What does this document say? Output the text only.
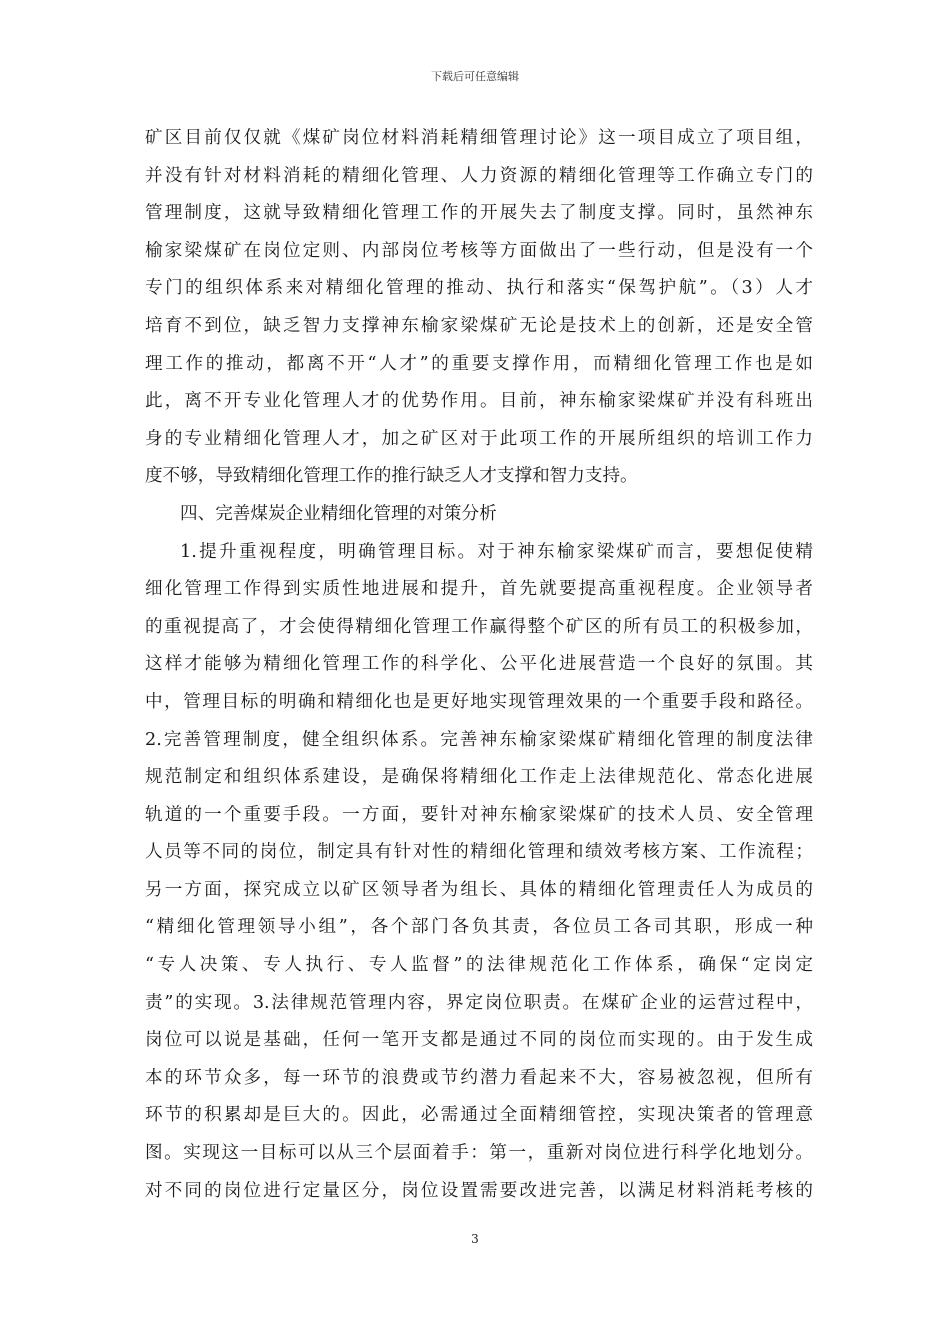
下载后可任意编辑
矿区目前仅仅就《煤矿岗位材料消耗精细管理讨论》这一项目成立了项目组，
并没有针对材料消耗的精细化管理、人力资源的精细化管理等工作确立专门的
管理制度，这就导致精细化管理工作的开展失去了制度支撑。同时，虽然神东
榆家梁煤矿在岗位定则、内部岗位考核等方面做出了一些行动，但是没有一个
专门的组织体系来对精细化管理的推动、执行和落实“保驾护航”。（3）人才
培育不到位，缺乏智力支撑神东榆家梁煤矿无论是技术上的创新，还是安全管
理工作的推动，都离不开“人才”的重要支撑作用，而精细化管理工作也是如
此，离不开专业化管理人才的优势作用。目前，神东榆家梁煤矿并没有科班出
身的专业精细化管理人才，加之矿区对于此项工作的开展所组织的培训工作力
度不够，导致精细化管理工作的推行缺乏人才支撑和智力支持。
四、完善煤炭企业精细化管理的对策分析
1.提升重视程度，明确管理目标。对于神东榆家梁煤矿而言，要想促使精
细化管理工作得到实质性地进展和提升，首先就要提高重视程度。企业领导者
的重视提高了，才会使得精细化管理工作赢得整个矿区的所有员工的积极参加，
这样才能够为精细化管理工作的科学化、公平化进展营造一个良好的氛围。其
中，管理目标的明确和精细化也是更好地实现管理效果的一个重要手段和路径。
2.完善管理制度，健全组织体系。完善神东榆家梁煤矿精细化管理的制度法律
规范制定和组织体系建设，是确保将精细化工作走上法律规范化、常态化进展
轨道的一个重要手段。一方面，要针对神东榆家梁煤矿的技术人员、安全管理
人员等不同的岗位，制定具有针对性的精细化管理和绩效考核方案、工作流程；
另一方面，探究成立以矿区领导者为组长、具体的精细化管理责任人为成员的
“精细化管理领导小组”，各个部门各负其责，各位员工各司其职，形成一种
“专人决策、专人执行、专人监督”的法律规范化工作体系，确保“定岗定
责”的实现。3.法律规范管理内容，界定岗位职责。在煤矿企业的运营过程中，
岗位可以说是基础，任何一笔开支都是通过不同的岗位而实现的。由于发生成
本的环节众多，每一环节的浪费或节约潜力看起来不大，容易被忽视，但所有
环节的积累却是巨大的。因此，必需通过全面精细管控，实现决策者的管理意
图。实现这一目标可以从三个层面着手：第一，重新对岗位进行科学化地划分。
对不同的岗位进行定量区分，岗位设置需要改进完善，以满足材料消耗考核的
3
